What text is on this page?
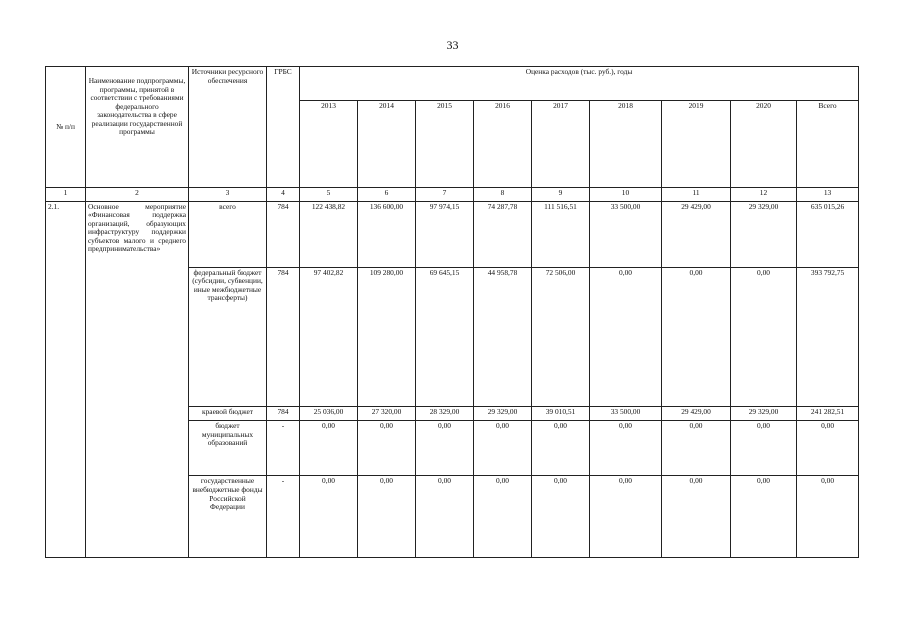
33
№ п/п	Наименование подпрограммы, программы, принятой в соответствии с требованиями федерального законодательства в сфере реализации государственной программы	Источники ресурсного обеспечения	ГРБС	Оценка расходов (тыс. руб.), годы								
				2013	2014	2015	2016	2017	2018	2019	2020	Всего
1	2	3	4	5	6	7	8	9	10	11	12	13
2.1.	Основное мероприятие «Финансовая поддержка организаций, образующих инфраструктуру поддержки субъектов малого и среднего предпринимательства»	всего	784	122 438,82	136 600,00	97 974,15	74 287,78	111 516,51	33 500,00	29 429,00	29 329,00	635 015,26
		федеральный бюджет (субсидии, субвенции, иные межбюджетные трансферты)	784	97 402,82	109 280,00	69 645,15	44 958,78	72 506,00	0,00	0,00	0,00	393 792,75
		краевой бюджет	784	25 036,00	27 320,00	28 329,00	29 329,00	39 010,51	33 500,00	29 429,00	29 329,00	241 282,51
		бюджет муниципальных образований	-	0,00	0,00	0,00	0,00	0,00	0,00	0,00	0,00	0,00
		государственные внебюджетные фонды Российской Федерации	-	0,00	0,00	0,00	0,00	0,00	0,00	0,00	0,00	0,00
